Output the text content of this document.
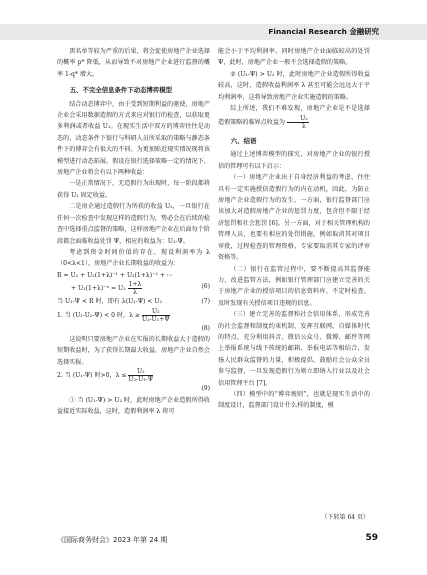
Financial Research 金融研究

黑名单等较为严重的后果，将会促使房地产企业选择的概率 p* 降低，从而导致不对房地产企业进行监督的概率 1-q* 增大。

五、不完全信息条件下动态博弈模型

结合动态博弈中，由于受到短期利益的驱使，房地产企业会采用数据造假的方式来应对银行的检查，以获取更多利润或者收益 U₁。在现实生活中双方的博弈往往是动态的，动态条件下银行与科研人员所采取的策略与静态条件下的博弈会有很大的不同。为更加贴近现实情况现将该模型进行动态拓展。假设在银行选择策略一定的情况下，房地产企业将会有以下两种收益：

一是正常情况下，无造假行为出现时，每一阶段都将获得 U₁ 固定收益。

二是房企通过造假行为所获的收益 U₂，一旦银行在任何一次检查中发现这样的造假行为，势必会在后续的检查中选择重点监督的策略，这样房地产企业在后面每个阶段都会面临收益处罚 Ψ，相应的收益为：U₁-Ψ。

考虑到资金时间价值的存在，现设利润率为 λ（0<λ<1），房地产企业长期收益的收益为：

R = U₂ + U₂(1+λ)⁻¹ + U₂(1+λ)⁻² + ⋯
+ $U_2(1+\lambda)^{-n} = U_2 \frac{1+\lambda}{\lambda}$	(6)
当 U₁-Ψ < R 时，即有 λ(U₁-Ψ) < U₂	(7)
1. 当 (U₁-U₂-Ψ) < 0 时，$\lambda \ge \frac{\text{U₂}}{\text{U₂-U₁+Ψ}}$
(8)

这说明只要房地产企业在实报的长期收益大于造假的短期收益时，为了获得长期最大收益，房地产企业自然会选择实报。

2. 当 (U₁-Ψ) 时>0，$\lambda \le \frac{\text{U₂}}{\text{U₂-U₁-Ψ}}$
(9)

① 当 (U₁-Ψ) > U₂ 时，此时房地产企业造假所得收益接近实际收益，这时，造假利润率 λ 将可

能会小于平均利润率，同时房地产企业面临较高的处罚 Ψ，此时，房地产企业一般不会选择造假的策略。

② (U₁-Ψ) > U₂ 时，此时房地产企业造假所得收益较高，这时，造假收益利润率 λ 甚至可能会远远大于平均利润率，这将导致房地产企业实施造假的策略。

综上所述，我们不难发现，房地产企业是不是选择造假策略的临界点收益为 $\frac{\text{U₂}}{\lambda}$

六、结语

通过上述博弈模型的探究，对房地产企业的银行授信的管理可有以下启示：

（一）房地产企业出于自身经济利益的考虑，往往具有一定实施授信造假行为的内在动机，因此，为防止房地产企业造假行为的发生，一方面，银行监督部门应该加大对造假房地产企业的惩罚力度，包含但不限于经济惩罚和社会惩罚 [6]。另一方面，对于相关管理机构的管理人员，也要有相应的处罚措施，例如取消其对项目审批，过程检查的管理资格，专家要取消其专家的评审资格等。

（二）银行在监管过程中，要不断提高其监督能力，改进监管方法，例如银行管理部门应建立完善的关于房地产企业的授信项目的信息资料库，不定时检查，及时发现有关授信项目违规的信息。

（三）建立完善的监督和社会信用体系，形成完善的社会监督和制度约束机制，发挥互联网、自媒体时代的特点，充分利用抖音、微信公众号、微博、邮件等网上举报系统与线下传统的邮箱、举报电话等相结合，发扬人民群众监督的力量，积极提倡、鼓励社会公众全员参与监督，一旦发现造假行为则立即纳入行业以及社会信用管理平台 [7]。

（四）模型中的“博弈规则”，也就是现实生活中的制度设计，监督部门设计什么样的制度，模

（下转第 64 页）
《国际商务财会》2023 年第 24 期	59
